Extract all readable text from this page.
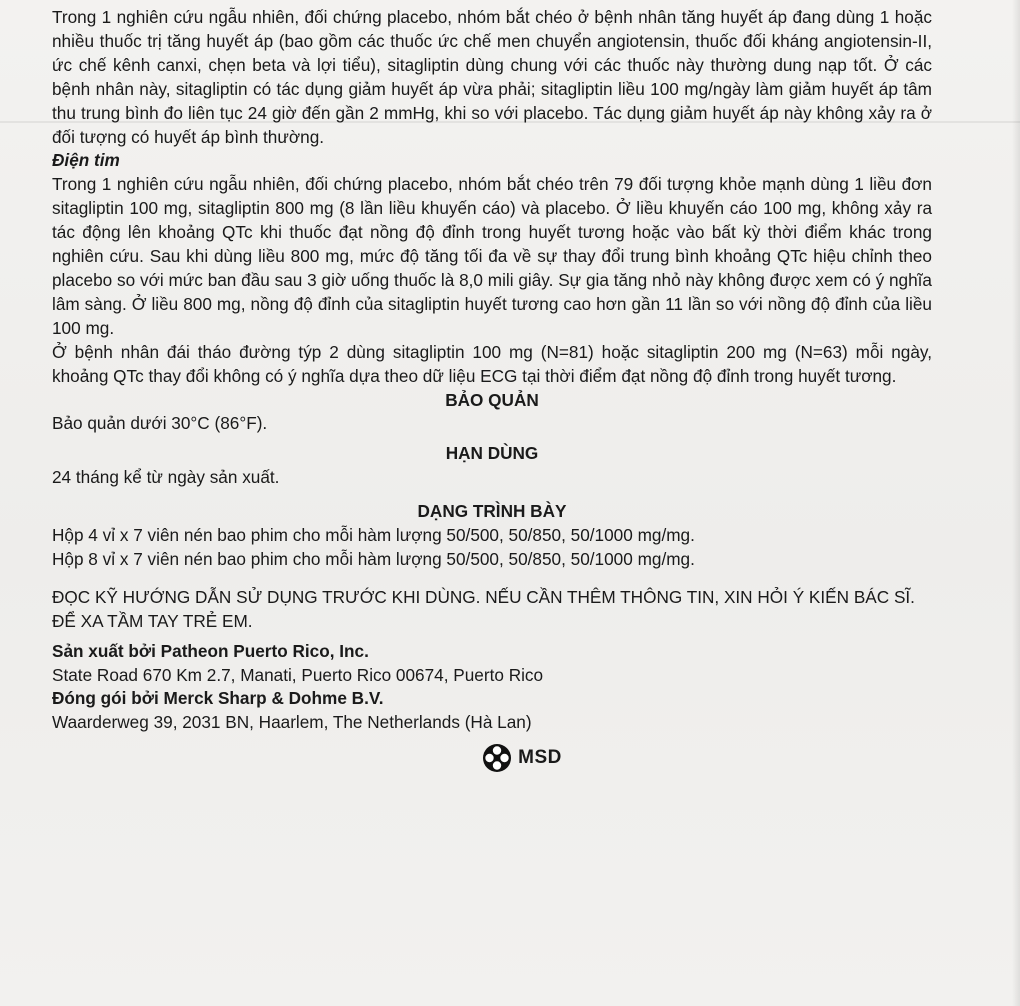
Trong 1 nghiên cứu ngẫu nhiên, đối chứng placebo, nhóm bắt chéo ở bệnh nhân tăng huyết áp đang dùng 1 hoặc nhiều thuốc trị tăng huyết áp (bao gồm các thuốc ức chế men chuyển angiotensin, thuốc đối kháng angiotensin-II, ức chế kênh canxi, chẹn beta và lợi tiểu), sitagliptin dùng chung với các thuốc này thường dung nạp tốt. Ở các bệnh nhân này, sitagliptin có tác dụng giảm huyết áp vừa phải; sitagliptin liều 100 mg/ngày làm giảm huyết áp tâm thu trung bình đo liên tục 24 giờ đến gần 2 mmHg, khi so với placebo. Tác dụng giảm huyết áp này không xảy ra ở đối tượng có huyết áp bình thường.

Điện tim

Trong 1 nghiên cứu ngẫu nhiên, đối chứng placebo, nhóm bắt chéo trên 79 đối tượng khỏe mạnh dùng 1 liều đơn sitagliptin 100 mg, sitagliptin 800 mg (8 lần liều khuyến cáo) và placebo. Ở liều khuyến cáo 100 mg, không xảy ra tác động lên khoảng QTc khi thuốc đạt nồng độ đỉnh trong huyết tương hoặc vào bất kỳ thời điểm khác trong nghiên cứu. Sau khi dùng liều 800 mg, mức độ tăng tối đa về sự thay đổi trung bình khoảng QTc hiệu chỉnh theo placebo so với mức ban đầu sau 3 giờ uống thuốc là 8,0 mili giây. Sự gia tăng nhỏ này không được xem có ý nghĩa lâm sàng. Ở liều 800 mg, nồng độ đỉnh của sitagliptin huyết tương cao hơn gần 11 lần so với nồng độ đỉnh của liều 100 mg.

Ở bệnh nhân đái tháo đường týp 2 dùng sitagliptin 100 mg (N=81) hoặc sitagliptin 200 mg (N=63) mỗi ngày, khoảng QTc thay đổi không có ý nghĩa dựa theo dữ liệu ECG tại thời điểm đạt nồng độ đỉnh trong huyết tương.

BẢO QUẢN

Bảo quản dưới 30°C (86°F).

HẠN DÙNG

24 tháng kể từ ngày sản xuất.

DẠNG TRÌNH BÀY

Hộp 4 vỉ x 7 viên nén bao phim cho mỗi hàm lượng 50/500, 50/850, 50/1000 mg/mg.

Hộp 8 vỉ x 7 viên nén bao phim cho mỗi hàm lượng 50/500, 50/850, 50/1000 mg/mg.

ĐỌC KỸ HƯỚNG DẪN SỬ DỤNG TRƯỚC KHI DÙNG. NẾU CẦN THÊM THÔNG TIN, XIN HỎI Ý KIẾN BÁC SĨ.

ĐỂ XA TẦM TAY TRẺ EM.

Sản xuất bởi Patheon Puerto Rico, Inc.

State Road 670 Km 2.7, Manati, Puerto Rico 00674, Puerto Rico

Đóng gói bởi Merck Sharp & Dohme B.V.

Waarderweg 39, 2031 BN, Haarlem, The Netherlands (Hà Lan)

MSD
